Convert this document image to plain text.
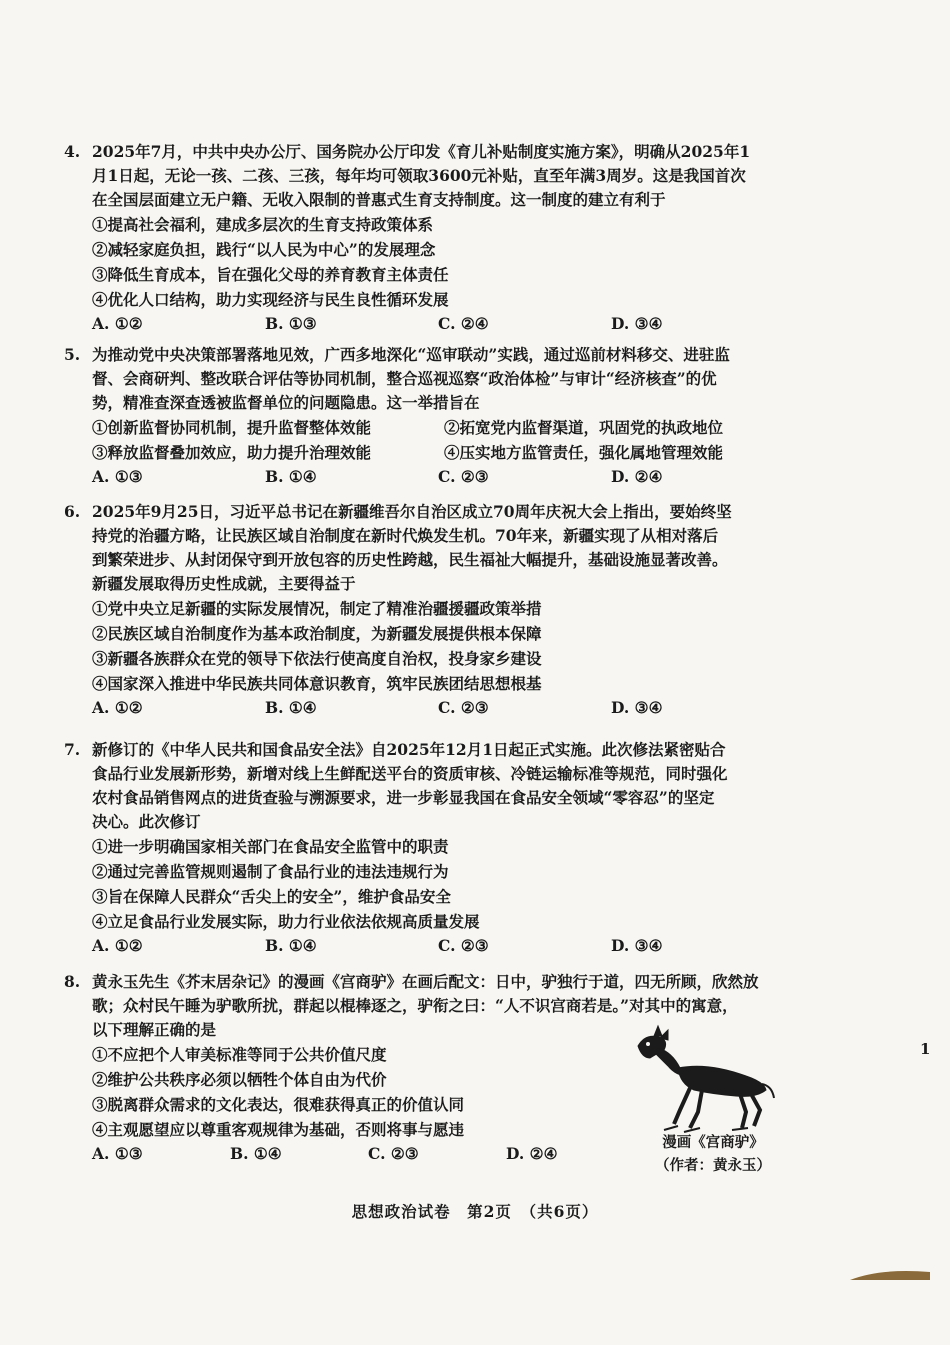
4. 2025年7月，中共中央办公厅、国务院办公厅印发《育儿补贴制度实施方案》，明确从2025年1
月1日起，无论一孩、二孩、三孩，每年均可领取3600元补贴，直至年满3周岁。这是我国首次
在全国层面建立无户籍、无收入限制的普惠式生育支持制度。这一制度的建立有利于
①提高社会福利，建成多层次的生育支持政策体系
②减轻家庭负担，践行“以人民为中心”的发展理念
③降低生育成本，旨在强化父母的养育教育主体责任
④优化人口结构，助力实现经济与民生良性循环发展
A. ①②	B. ①③	C. ②④	D. ③④
5. 为推动党中央决策部署落地见效，广西多地深化“巡审联动”实践，通过巡前材料移交、进驻监
督、会商研判、整改联合评估等协同机制，整合巡视巡察“政治体检”与审计“经济核查”的优
势，精准查深查透被监督单位的问题隐患。这一举措旨在
①创新监督协同机制，提升监督整体效能	②拓宽党内监督渠道，巩固党的执政地位
③释放监督叠加效应，助力提升治理效能	④压实地方监管责任，强化属地管理效能
A. ①③	B. ①④	C. ②③	D. ②④
6. 2025年9月25日，习近平总书记在新疆维吾尔自治区成立70周年庆祝大会上指出，要始终坚
持党的治疆方略，让民族区域自治制度在新时代焕发生机。70年来，新疆实现了从相对落后
到繁荣进步、从封闭保守到开放包容的历史性跨越，民生福祉大幅提升，基础设施显著改善。
新疆发展取得历史性成就，主要得益于
①党中央立足新疆的实际发展情况，制定了精准治疆援疆政策举措
②民族区域自治制度作为基本政治制度，为新疆发展提供根本保障
③新疆各族群众在党的领导下依法行使高度自治权，投身家乡建设
④国家深入推进中华民族共同体意识教育，筑牢民族团结思想根基
A. ①②	B. ①④	C. ②③	D. ③④
7. 新修订的《中华人民共和国食品安全法》自2025年12月1日起正式实施。此次修法紧密贴合
食品行业发展新形势，新增对线上生鲜配送平台的资质审核、冷链运输标准等规范，同时强化
农村食品销售网点的进货查验与溯源要求，进一步彰显我国在食品安全领域“零容忍”的坚定
决心。此次修订
①进一步明确国家相关部门在食品安全监管中的职责
②通过完善监管规则遏制了食品行业的违法违规行为
③旨在保障人民群众“舌尖上的安全”，维护食品安全
④立足食品行业发展实际，助力行业依法依规高质量发展
A. ①②	B. ①④	C. ②③	D. ③④
8. 黄永玉先生《芥末居杂记》的漫画《宫商驴》在画后配文：日中，驴独行于道，四无所顾，欣然放
歌；众村民午睡为驴歌所扰，群起以棍棒逐之，驴衔之曰：“人不识宫商若是。”对其中的寓意，
以下理解正确的是
①不应把个人审美标准等同于公共价值尺度
②维护公共秩序必须以牺牲个体自由为代价
③脱离群众需求的文化表达，很难获得真正的价值认同
④主观愿望应以尊重客观规律为基础，否则将事与愿违
A. ①③	B. ①④	C. ②③	D. ②④
漫画《宫商驴》
（作者：黄永玉）
1
思想政治试卷　第2页　（共6页）
